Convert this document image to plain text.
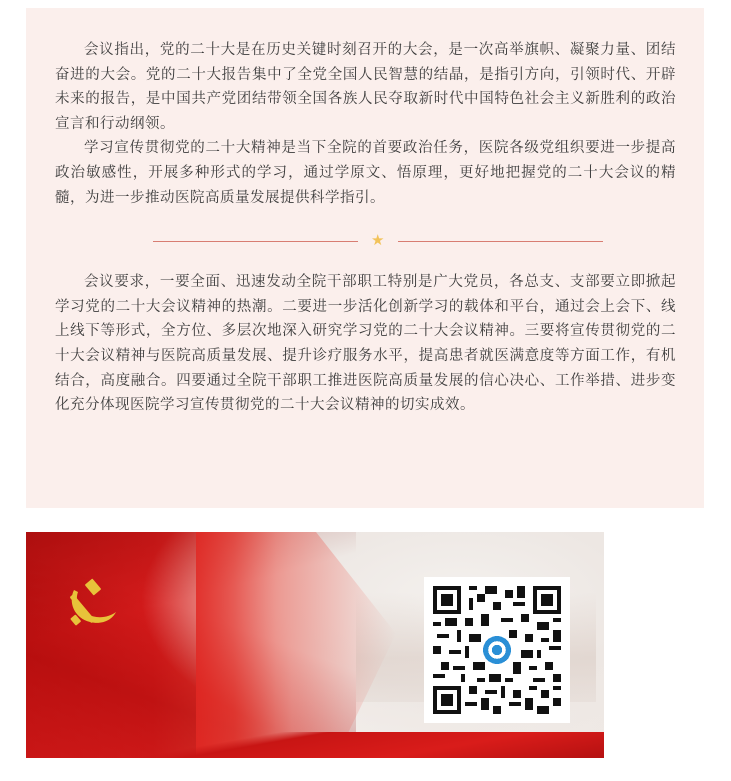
会议指出，党的二十大是在历史关键时刻召开的大会，是一次高举旗帜、凝聚力量、团结奋进的大会。党的二十大报告集中了全党全国人民智慧的结晶，是指引方向，引领时代、开辟未来的报告，是中国共产党团结带领全国各族人民夺取新时代中国特色社会主义新胜利的政治宣言和行动纲领。

学习宣传贯彻党的二十大精神是当下全院的首要政治任务，医院各级党组织要进一步提高政治敏感性，开展多种形式的学习，通过学原文、悟原理，更好地把握党的二十大会议的精髓，为进一步推动医院高质量发展提供科学指引。

★

会议要求，一要全面、迅速发动全院干部职工特别是广大党员，各总支、支部要立即掀起学习党的二十大会议精神的热潮。二要进一步活化创新学习的载体和平台，通过会上会下、线上线下等形式，全方位、多层次地深入研究学习党的二十大会议精神。三要将宣传贯彻党的二十大会议精神与医院高质量发展、提升诊疗服务水平，提高患者就医满意度等方面工作，有机结合，高度融合。四要通过全院干部职工推进医院高质量发展的信心决心、工作举措、进步变化充分体现医院学习宣传贯彻党的二十大会议精神的切实成效。
